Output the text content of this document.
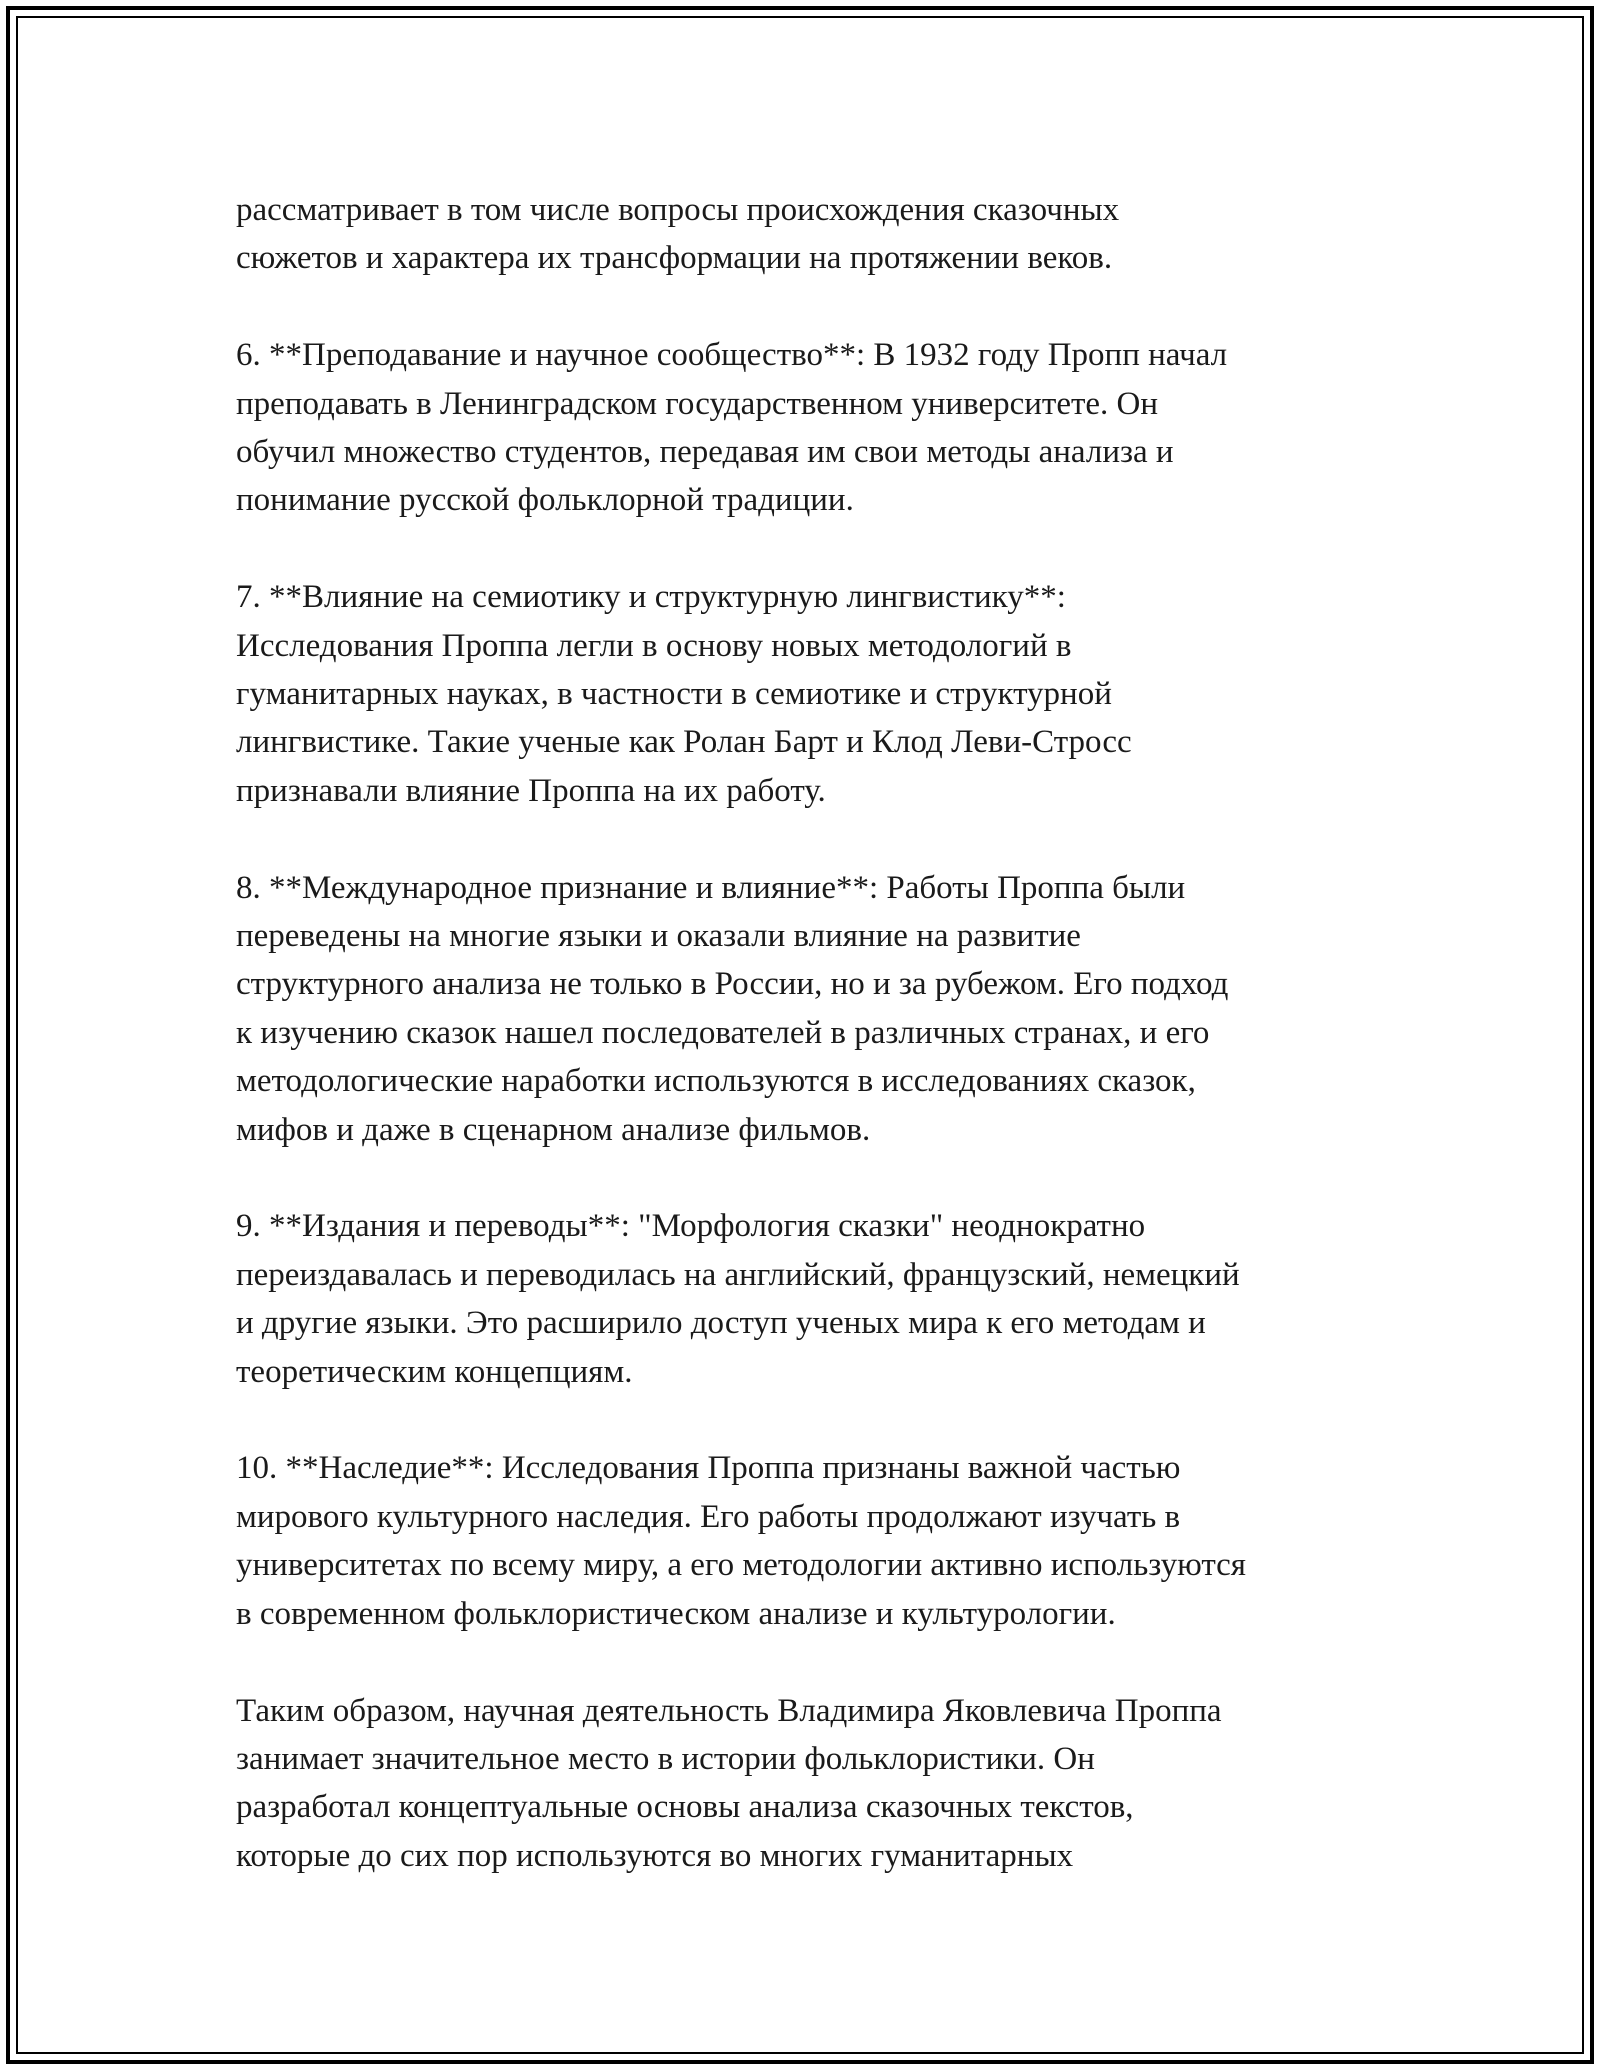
рассматривает в том числе вопросы происхождения сказочных
сюжетов и характера их трансформации на протяжении веков.

6. **Преподавание и научное сообщество**: В 1932 году Пропп начал
преподавать в Ленинградском государственном университете. Он
обучил множество студентов, передавая им свои методы анализа и
понимание русской фольклорной традиции.

7. **Влияние на семиотику и структурную лингвистику**:
Исследования Проппа легли в основу новых методологий в
гуманитарных науках, в частности в семиотике и структурной
лингвистике. Такие ученые как Ролан Барт и Клод Леви-Стросс
признавали влияние Проппа на их работу.

8. **Международное признание и влияние**: Работы Проппа были
переведены на многие языки и оказали влияние на развитие
структурного анализа не только в России, но и за рубежом. Его подход
к изучению сказок нашел последователей в различных странах, и его
методологические наработки используются в исследованиях сказок,
мифов и даже в сценарном анализе фильмов.

9. **Издания и переводы**: "Морфология сказки" неоднократно
переиздавалась и переводилась на английский, французский, немецкий
и другие языки. Это расширило доступ ученых мира к его методам и
теоретическим концепциям.

10. **Наследие**: Исследования Проппа признаны важной частью
мирового культурного наследия. Его работы продолжают изучать в
университетах по всему миру, а его методологии активно используются
в современном фольклористическом анализе и культурологии.

Таким образом, научная деятельность Владимира Яковлевича Проппа
занимает значительное место в истории фольклористики. Он
разработал концептуальные основы анализа сказочных текстов,
которые до сих пор используются во многих гуманитарных
